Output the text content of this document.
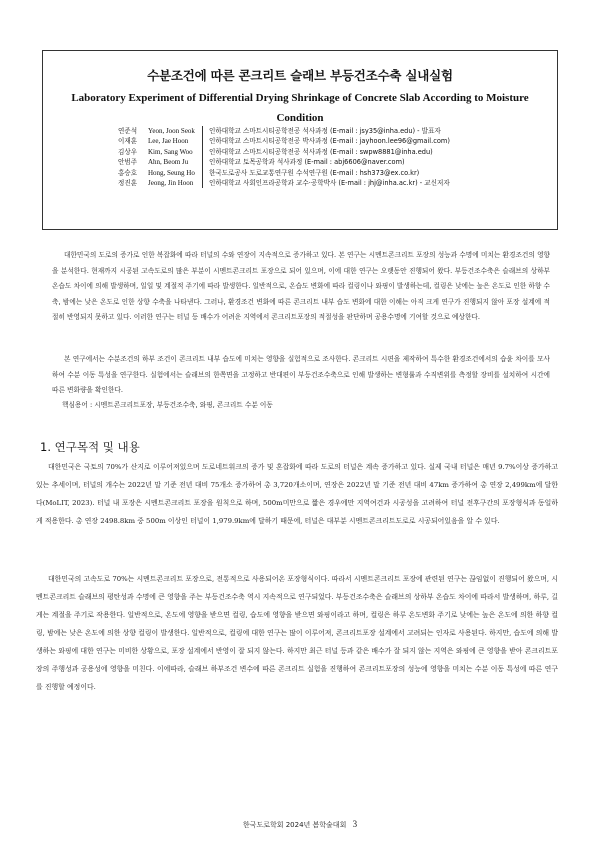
수분조건에 따른 콘크리트 슬래브 부등건조수축 실내실험
Laboratory Experiment of Differential Drying Shrinkage of Concrete Slab According to Moisture Condition
연준석	Yeon, Joon Seok	인하대학교 스마트시티공학전공 석사과정 (E-mail : jsy35@inha.edu) - 발표자
이재훈	Lee, Jae Hoon	인하대학교 스마트시티공학전공 박사과정 (E-mail : jayhoon.lee96@gmail.com)
김상우	Kim, Sang Woo	인하대학교 스마트시티공학전공 석사과정 (E-mail : swpw8881@inha.edu)
안범주	Ahn, Beom Ju	인하대학교 토목공학과 석사과정 (E-mail : abj6606@naver.com)
홍승호	Hong, Seung Ho	한국도로공사 도로교통연구원 수석연구원 (E-mail : hsh373@ex.co.kr)
정진훈	Jeong, Jin Hoon	인하대학교 사회인프라공학과 교수·공학박사 (E-mail : jhj@inha.ac.kr) - 교신저자

대한민국의 도로의 증가로 인한 복잡화에 따라 터널의 수와 연장이 지속적으로 증가하고 있다. 본 연구는 시멘트콘크리트 포장의 성능과 수명에 미치는 환경조건의 영향을 분석한다. 현재까지 시공된 고속도로의 많은 부분이 시멘트콘크리트 포장으로 되어 있으며, 이에 대한 연구는 오랫동안 진행되어 왔다. 부등건조수축은 슬래브의 상하부 온습도 차이에 의해 발생하며, 일일 및 계절적 주기에 따라 발생한다. 일반적으로, 온습도 변화에 따라 컬링이나 와핑이 발생하는데, 컬링은 낮에는 높은 온도로 인한 하향 수축, 밤에는 낮은 온도로 인한 상향 수축을 나타낸다. 그러나, 환경조건 변화에 따른 콘크리트 내부 습도 변화에 대한 이해는 아직 크게 연구가 진행되지 않아 포장 설계에 적절히 반영되지 못하고 있다. 이러한 연구는 터널 등 배수가 어려운 지역에서 콘크리트포장의 적절성을 판단하며 공용수명에 기여할 것으로 예상한다.

본 연구에서는 수분조건의 하부 조건이 콘크리트 내부 습도에 미치는 영향을 실험적으로 조사한다. 콘크리트 시편을 제작하여 특수한 환경조건에서의 습윤 차이를 모사하여 수분 이동 특성을 연구한다. 실험에서는 슬래브의 한쪽면을 고정하고 반대편이 부등건조수축으로 인해 발생하는 변형률과 수직변위를 측정할 장비를 설치하여 시간에 따른 변화량을 확인한다.

핵심용어 : 시멘트콘크리트포장, 부등건조수축, 와핑, 콘크리트 수분 이동
1. 연구목적 및 내용

대한민국은 국토의 70%가 산지로 이루어져있으며 도로네트워크의 증가 및 혼잡화에 따라 도로의 터널은 계속 증가하고 있다. 실제 국내 터널은 매년 9.7%이상 증가하고 있는 추세이며, 터널의 개수는 2022년 말 기준 전년 대비 75개소 증가하여 총 3,720개소이며, 연장은 2022년 말 기준 전년 대비 47km 증가하여 총 연장 2,499km에 달한다(MoLIT, 2023). 터널 내 포장은 시멘트콘크리트 포장을 원칙으로 하며, 500m미만으로 짧은 경우에만 지역여건과 시공성을 고려하여 터널 전후구간의 포장형식과 동일하게 적용한다. 총 연장 2498.8km 중 500m 이상인 터널이 1,979.9km에 달하기 때문에, 터널은 대부분 시멘트콘크리트도로로 시공되어있음을 알 수 있다.

대한민국의 고속도로 70%는 시멘트콘크리트 포장으로, 전통적으로 사용되어온 포장형식이다. 따라서 시멘트콘크리트 포장에 관련된 연구는 끊임없이 진행되어 왔으며, 시멘트콘크리트 슬래브의 평탄성과 수명에 큰 영향을 주는 부등건조수축 역시 지속적으로 연구되었다. 부등건조수축은 슬래브의 상하부 온습도 차이에 따라서 발생하며, 하루, 길게는 계절을 주기로 작용한다. 일반적으로, 온도에 영향을 받으면 컬링, 습도에 영향을 받으면 와핑이라고 하며, 컬링은 하루 온도변화 주기로 낮에는 높은 온도에 의한 하향 컬링, 밤에는 낮은 온도에 의한 상향 컬링이 발생한다. 일반적으로, 컬링에 대한 연구는 많이 이루어져, 콘크리트포장 설계에서 고려되는 인자로 사용된다. 하지만, 습도에 의해 발생하는 와핑에 대한 연구는 미비한 상황으로, 포장 설계에서 반영이 잘 되지 않는다. 하지만 최근 터널 등과 같은 배수가 잘 되지 않는 지역은 와핑에 큰 영향을 받아 콘크리트포장의 주행성과 공용성에 영향을 미친다. 이에따라, 슬래브 하부조건 변수에 따른 콘크리트 실험을 진행하여 콘크리트포장의 성능에 영향을 미치는 수분 이동 특성에 따른 연구를 진행할 예정이다.

한국도로학회 2024년 봄학술대회 3
